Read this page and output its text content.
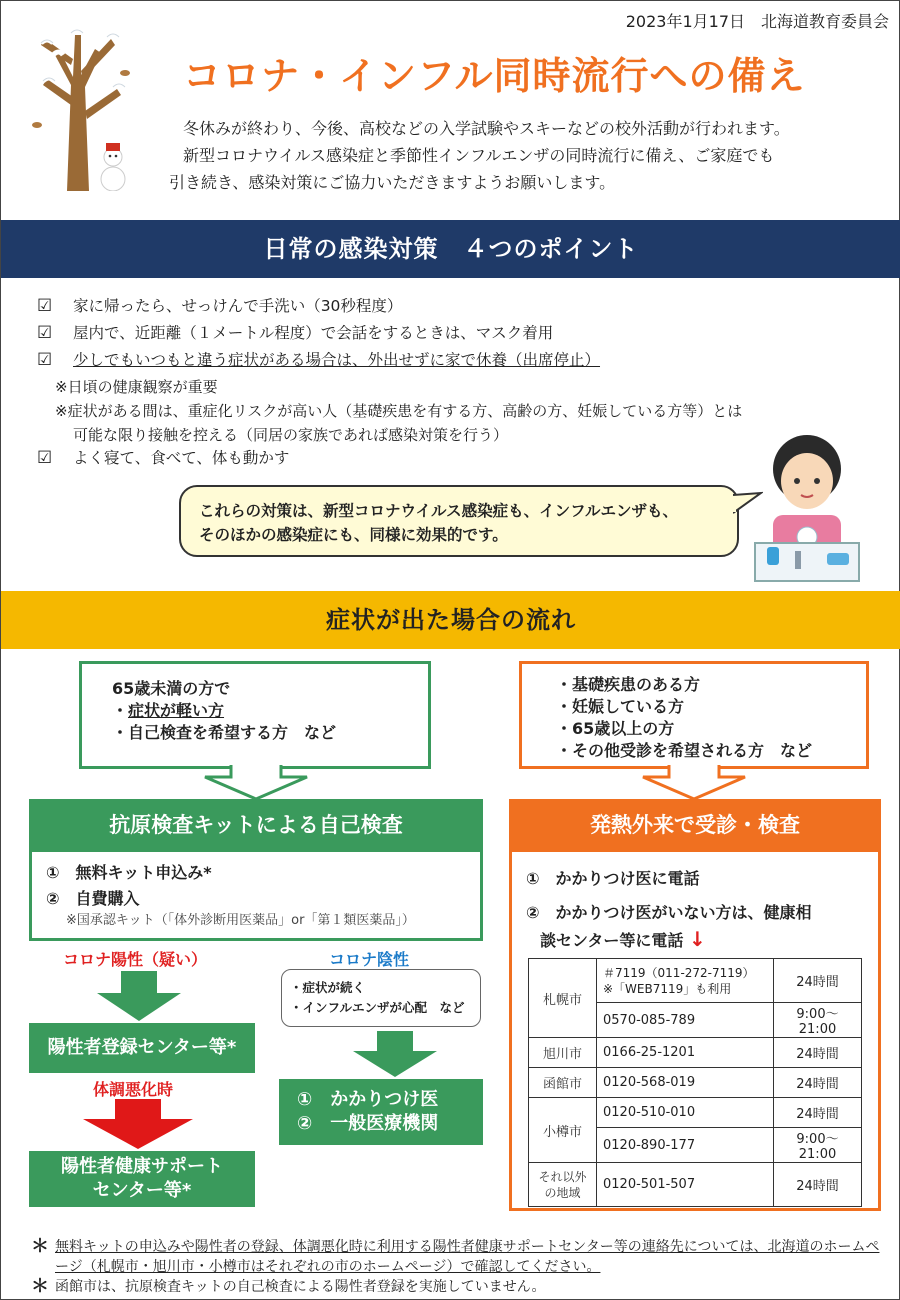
2023年1月17日　北海道教育委員会
コロナ・インフル同時流行への備え

冬休みが終わり、今後、高校などの入学試験やスキーなどの校外活動が行われます。

新型コロナウイルス感染症と季節性インフルエンザの同時流行に備え、ご家庭でも

引き続き、感染対策にご協力いただきますようお願いします。

日常の感染対策　４つのポイント
☑ 家に帰ったら、せっけんで手洗い（30秒程度）
☑ 屋内で、近距離（１メートル程度）で会話をするときは、マスク着用
☑ 少しでもいつもと違う症状がある場合は、外出せずに家で休養（出席停止）
※日頃の健康観察が重要
※症状がある間は、重症化リスクが高い人（基礎疾患を有する方、高齢の方、妊娠している方等）とは
可能な限り接触を控える（同居の家族であれば感染対策を行う）
☑ よく寝て、食べて、体も動かす
これらの対策は、新型コロナウイルス感染症も、インフルエンザも、
そのほかの感染症にも、同様に効果的です。
症状が出た場合の流れ
65歳未満の方で
・症状が軽い方
・自己検査を希望する方　など
抗原検査キットによる自己検査
①　無料キット申込み*
②　自費購入
※国承認キット（「体外診断用医薬品」or「第１類医薬品」）
コロナ陽性（疑い）	コロナ陰性
・症状が続く
・インフルエンザが心配　など
陽性者登録センター等*
体調悪化時	①　かかりつけ医
②　一般医療機関
陽性者健康サポート
センター等*
・基礎疾患のある方
・妊娠している方
・65歳以上の方
・その他受診を希望される方　など
発熱外来で受診・検査
①　かかりつけ医に電話
②　かかりつけ医がいない方は、健康相
談センター等に電話 ↓
札幌市	＃7119（011-272-7119）
※「WEB7119」も利用	24時間
	0570-085-789	9:00～21:00
旭川市	0166-25-1201	24時間
函館市	0120-568-019	24時間
小樽市	0120-510-010	24時間
	0120-890-177	9:00～21:00

それ以外
の地域	0120-501-507	24時間
＊ 無料キットの申込みや陽性者の登録、体調悪化時に利用する陽性者健康サポートセンター等の連絡先については、北海道のホームページ（札幌市・旭川市・小樽市はそれぞれの市のホームページ）で確認してください。
＊ 函館市は、抗原検査キットの自己検査による陽性者登録を実施していません。
